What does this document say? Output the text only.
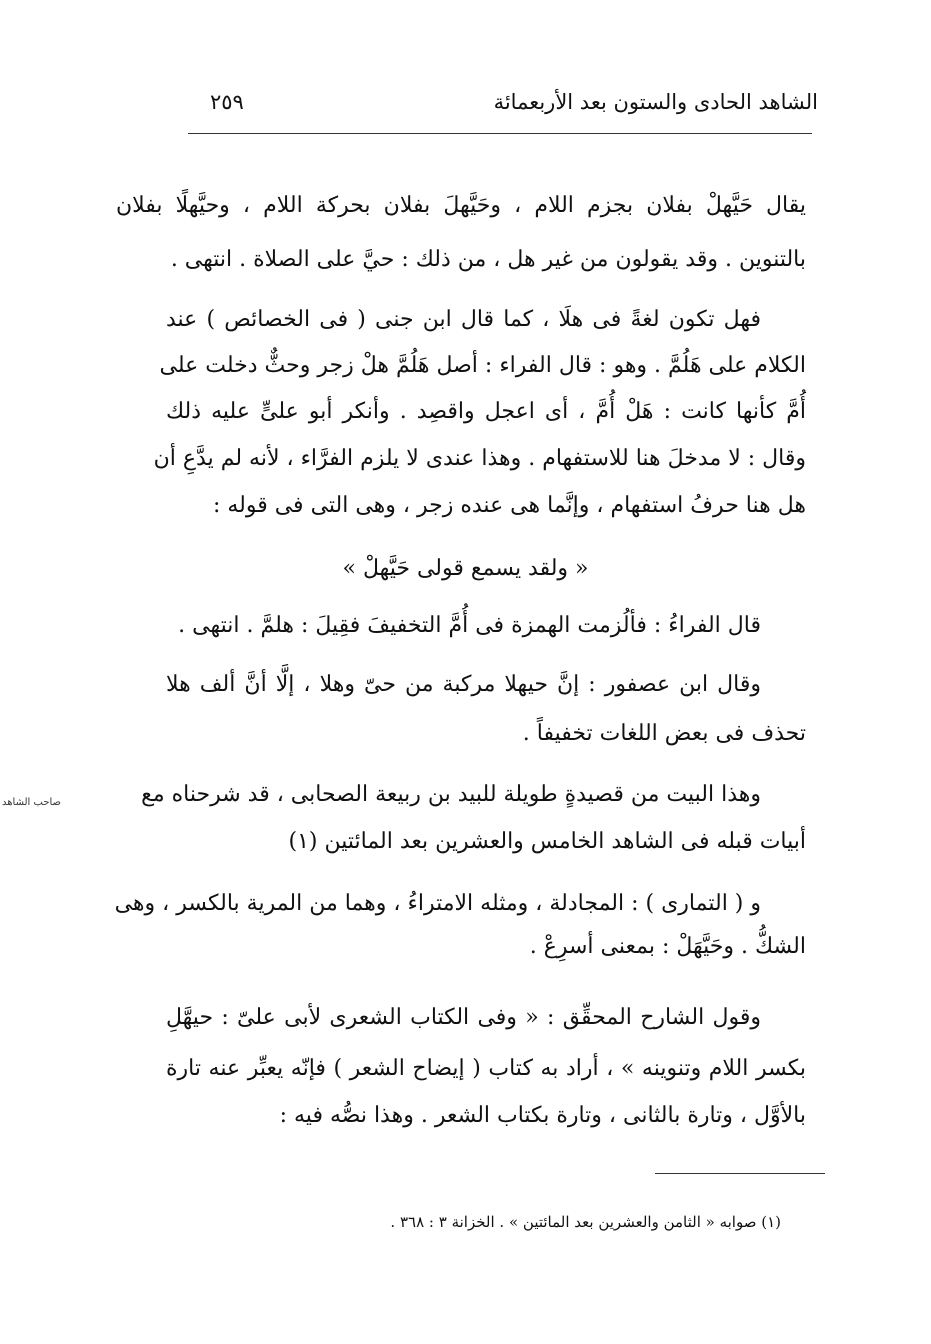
الشاهد الحادى والستون بعد الأربعمائة
٢٥٩
يقال حَيَّهلْ بفلان بجزم اللام ، وحَيَّهلَ بفلان بحركة اللام ، وحيَّهلًا بفلان
بالتنوين . وقد يقولون من غير هل ، من ذلك : حيَّ على الصلاة . انتهى .
فهل تكون لغةً فى هلَا ، كما قال ابن جنى ( فى الخصائص ) عند
الكلام على هَلُمَّ . وهو : قال الفراء : أصل هَلُمَّ هلْ زجر وحثٌّ دخلت على
أُمَّ كأنها كانت : هَلْ أُمَّ ، أى اعجل واقصِد . وأنكر أبو علىٍّ عليه ذلك
وقال : لا مدخلَ هنا للاستفهام . وهذا عندى لا يلزم الفرَّاء ، لأنه لم يدَّعِ أن
هل هنا حرفُ استفهام ، وإنَّما هى عنده زجر ، وهى التى فى قوله :
« ولقد يسمع قولى حَيَّهلْ »
قال الفراءُ : فألُزمت الهمزة فى أُمَّ التخفيفَ فقِيلَ : هلمَّ . انتهى .
وقال ابن عصفور : إنَّ حيهلا مركبة من حىّ وهلا ، إلَّا أنَّ ألف هلا
تحذف فى بعض اللغات تخفيفاً .
وهذا البيت من قصيدةٍ طويلة للبيد بن ربيعة الصحابى ، قد شرحناه مع
صاحب الشاهد
أبيات قبله فى الشاهد الخامس والعشرين بعد المائتين (١)
و ( التمارى ) : المجادلة ، ومثله الامتراءُ ، وهما من المرية بالكسر ، وهى
الشكُّ . وحَيَّهَلْ : بمعنى أسرِعْ .
وقول الشارح المحقِّق : « وفى الكتاب الشعرى لأبى علىّ : حيهَّلِ
بكسر اللام وتنوينه » ، أراد به كتاب ( إيضاح الشعر ) فإنّه يعبِّر عنه تارة
بالأوَّل ، وتارة بالثانى ، وتارة بكتاب الشعر . وهذا نصُّه فيه :
(١) صوابه « الثامن والعشرين بعد المائتين » . الخزانة ٣ : ٣٦٨ .
